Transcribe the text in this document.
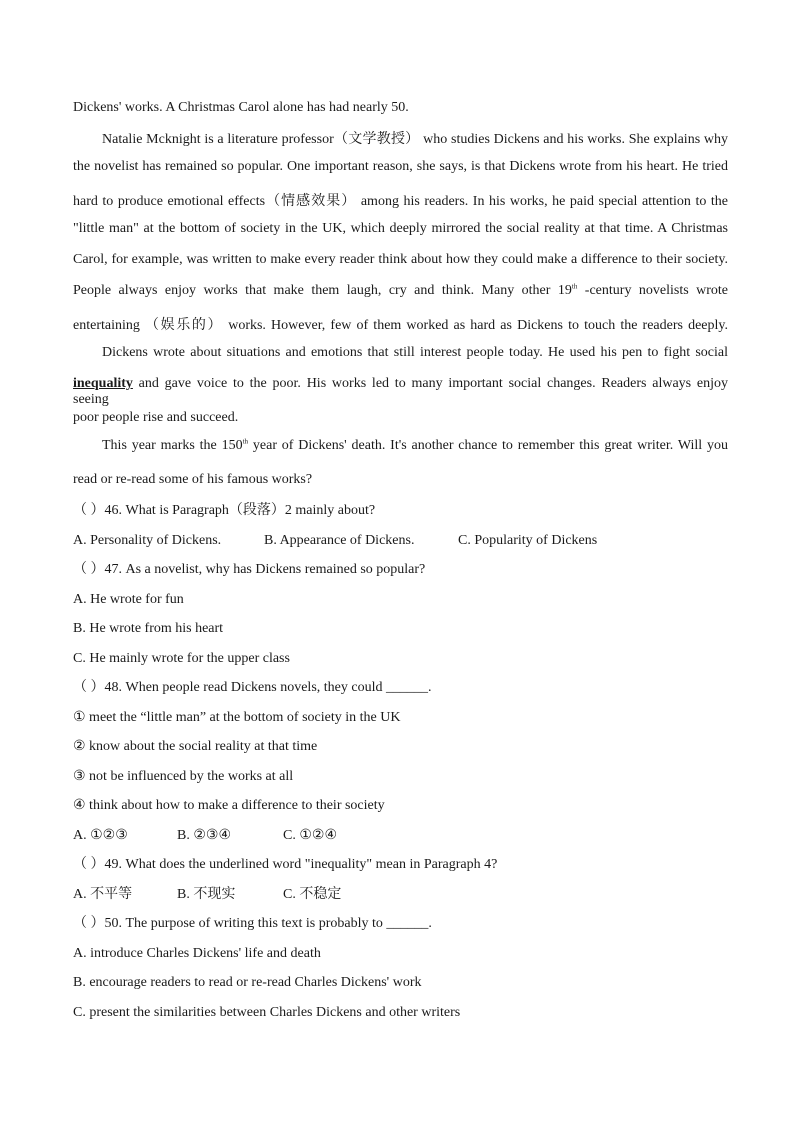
Dickens' works. A Christmas Carol alone has had nearly 50.
Natalie Mcknight is a literature professor（文学教授） who studies Dickens and his works. She explains why
the novelist has remained so popular. One important reason, she says, is that Dickens wrote from his heart. He tried
hard to produce emotional effects（情感效果） among his readers. In his works, he paid special attention to the
"little man" at the bottom of society in the UK, which deeply mirrored the social reality at that time. A Christmas
Carol, for example, was written to make every reader think about how they could make a difference to their society.
People always enjoy works that make them laugh, cry and think. Many other 19th -century novelists wrote
entertaining （娱乐的） works. However, few of them worked as hard as Dickens to touch the readers deeply.
Dickens wrote about situations and emotions that still interest people today. He used his pen to fight social
inequality and gave voice to the poor. His works led to many important social changes. Readers always enjoy seeing
poor people rise and succeed.
This year marks the 150th year of Dickens' death. It's another chance to remember this great writer. Will you
read or re-read some of his famous works?
（ ）46. What is Paragraph（段落）2 mainly about?
A. Personality of Dickens.	B. Appearance of Dickens.	C. Popularity of Dickens
（ ）47. As a novelist, why has Dickens remained so popular?
A. He wrote for fun
B. He wrote from his heart
C. He mainly wrote for the upper class
（ ）48. When people read Dickens novels, they could ______.
① meet the “little man” at the bottom of society in the UK
② know about the social reality at that time
③ not be influenced by the works at all
④ think about how to make a difference to their society
A. ①②③	B. ②③④	C. ①②④
（ ）49. What does the underlined word "inequality" mean in Paragraph 4?
A. 不平等	B. 不现实	C. 不稳定
（ ）50. The purpose of writing this text is probably to ______.
A. introduce Charles Dickens' life and death
B. encourage readers to read or re-read Charles Dickens' work
C. present the similarities between Charles Dickens and other writers
